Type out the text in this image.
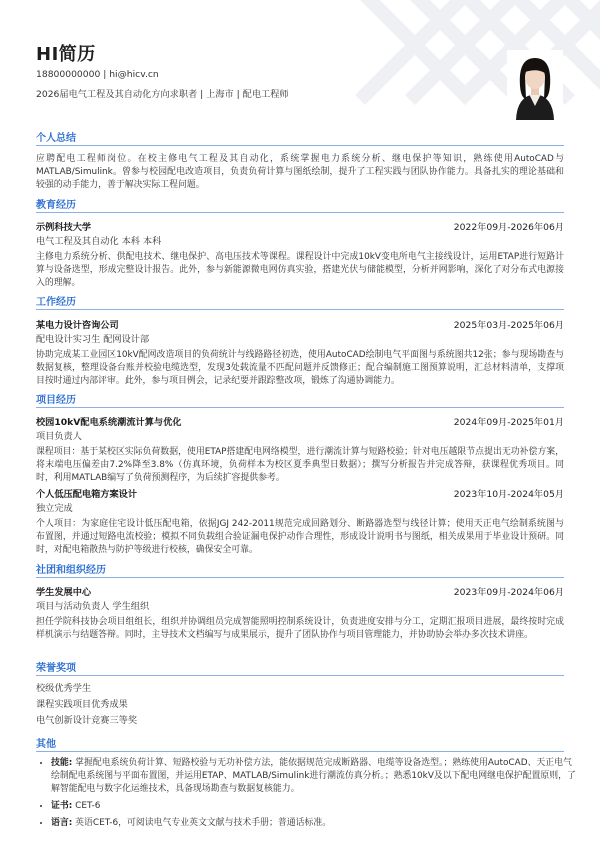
HI简历
18800000000 | hi@hicv.cn
2026届电气工程及其自动化方向求职者 | 上海市 | 配电工程师
个人总结
应聘配电工程师岗位。在校主修电气工程及其自动化，系统掌握电力系统分析、继电保护等知识，熟练使用AutoCAD与MATLAB/Simulink。曾参与校园配电改造项目，负责负荷计算与图纸绘制，提升了工程实践与团队协作能力。具备扎实的理论基础和较强的动手能力，善于解决实际工程问题。
教育经历
示例科技大学	2022年09月-2026年06月
电气工程及其自动化 本科 本科
主修电力系统分析、供配电技术、继电保护、高电压技术等课程。课程设计中完成10kV变电所电气主接线设计，运用ETAP进行短路计算与设备选型，形成完整设计报告。此外，参与新能源微电网仿真实验，搭建光伏与储能模型，分析并网影响，深化了对分布式电源接入的理解。
工作经历
某电力设计咨询公司	2025年03月-2025年06月
配电设计实习生 配网设计部
协助完成某工业园区10kV配网改造项目的负荷统计与线路路径初选，使用AutoCAD绘制电气平面图与系统图共12张；参与现场勘查与数据复核，整理设备台账并校验电缆选型，发现3处载流量不匹配问题并反馈修正；配合编制施工图预算说明，汇总材料清单，支撑项目按时通过内部评审。此外，参与项目例会，记录纪要并跟踪整改项，锻炼了沟通协调能力。
项目经历
校园10kV配电系统潮流计算与优化	2024年09月-2025年01月
项目负责人
课程项目：基于某校区实际负荷数据，使用ETAP搭建配电网络模型，进行潮流计算与短路校验；针对电压越限节点提出无功补偿方案，将末端电压偏差由7.2%降至3.8%（仿真环境，负荷样本为校区夏季典型日数据）；撰写分析报告并完成答辩，获课程优秀项目。同时，利用MATLAB编写了负荷预测程序，为后续扩容提供参考。
个人低压配电箱方案设计	2023年10月-2024年05月
独立完成
个人项目：为家庭住宅设计低压配电箱，依据JGJ 242-2011规范完成回路划分、断路器选型与线径计算；使用天正电气绘制系统图与布置图，并通过短路电流校验；模拟不同负载组合验证漏电保护动作合理性，形成设计说明书与图纸，相关成果用于毕业设计预研。同时，对配电箱散热与防护等级进行校核，确保安全可靠。
社团和组织经历
学生发展中心	2023年09月-2024年06月
项目与活动负责人 学生组织
担任学院科技协会项目组组长，组织并协调组员完成智能照明控制系统设计，负责进度安排与分工，定期汇报项目进展，最终按时完成样机演示与结题答辩。同时，主导技术文档编写与成果展示，提升了团队协作与项目管理能力，并协助协会举办多次技术讲座。
荣誉奖项
校级优秀学生
课程实践项目优秀成果
电气创新设计竞赛三等奖
其他
• 技能: 掌握配电系统负荷计算、短路校验与无功补偿方法，能依据规范完成断路器、电缆等设备选型。；熟练使用AutoCAD、天正电气绘制配电系统图与平面布置图，并运用ETAP、MATLAB/Simulink进行潮流仿真分析。；熟悉10kV及以下配电网继电保护配置原则，了解智能配电与数字化运维技术，具备现场勘查与数据复核能力。
• 证书: CET-6
• 语言: 英语CET-6，可阅读电气专业英文文献与技术手册；普通话标准。
